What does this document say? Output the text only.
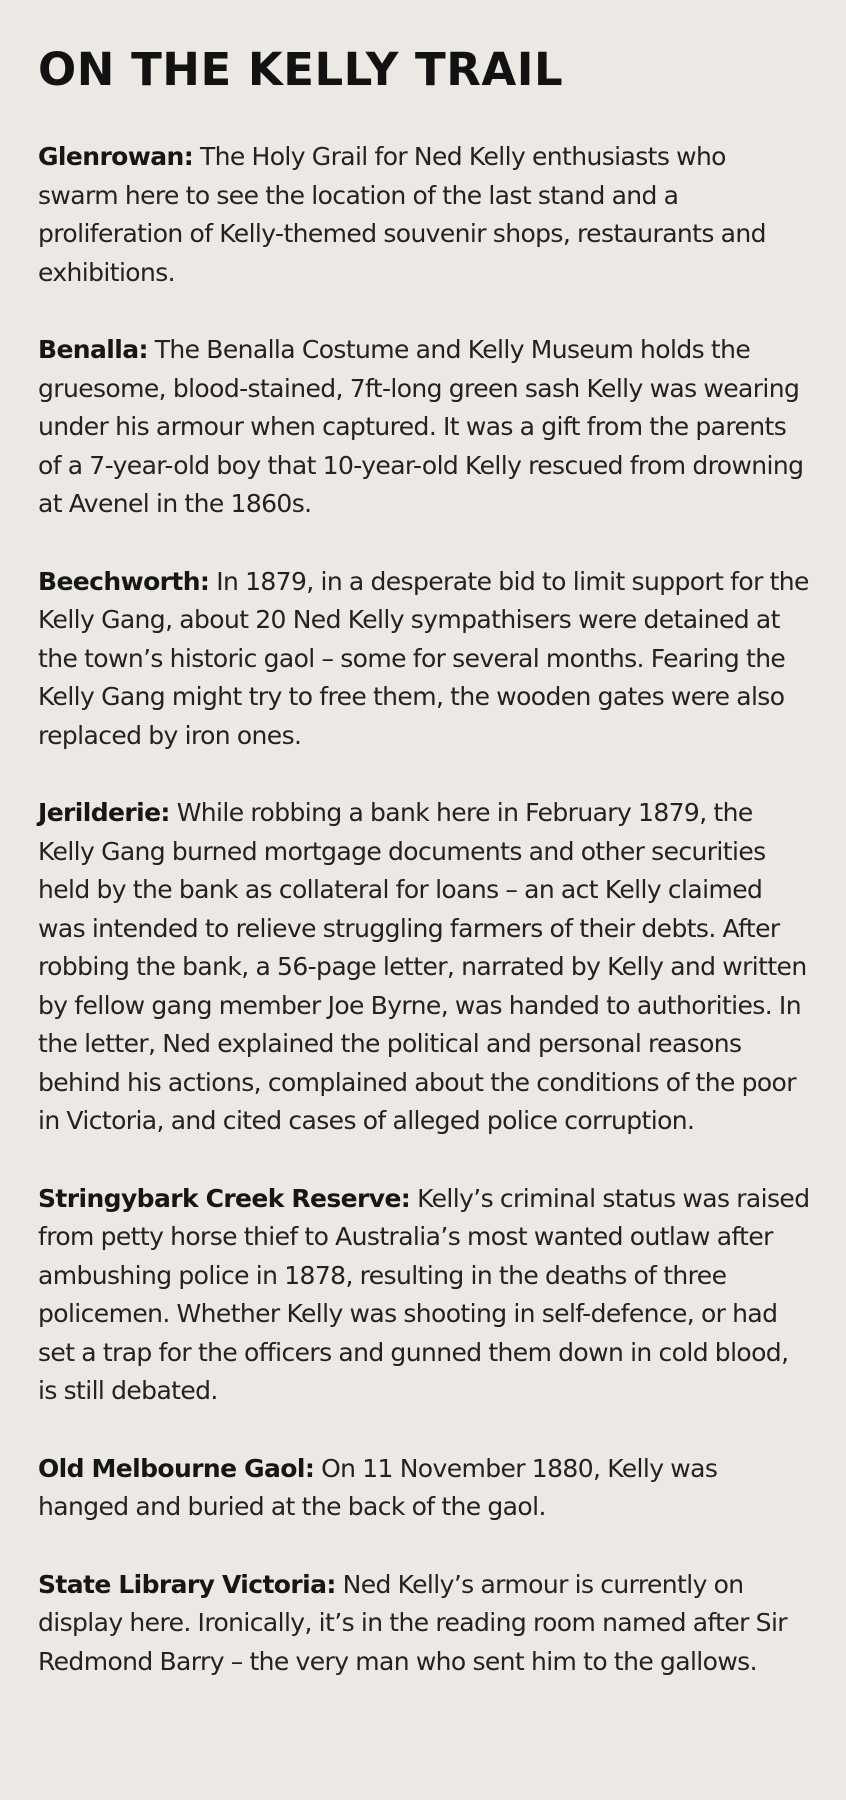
ON THE KELLY TRAIL

Glenrowan: The Holy Grail for Ned Kelly enthusiasts who swarm here to see the location of the last stand and a proliferation of Kelly-themed souvenir shops, restaurants and exhibitions.

Benalla: The Benalla Costume and Kelly Museum holds the gruesome, blood-stained, 7ft-long green sash Kelly was wearing under his armour when captured. It was a gift from the parents of a 7-year-old boy that 10-year-old Kelly rescued from drowning at Avenel in the 1860s.

Beechworth: In 1879, in a desperate bid to limit support for the Kelly Gang, about 20 Ned Kelly sympathisers were detained at the town’s historic gaol – some for several months. Fearing the Kelly Gang might try to free them, the wooden gates were also replaced by iron ones.

Jerilderie: While robbing a bank here in February 1879, the Kelly Gang burned mortgage documents and other securities held by the bank as collateral for loans – an act Kelly claimed was intended to relieve struggling farmers of their debts. After robbing the bank, a 56-page letter, narrated by Kelly and written by fellow gang member Joe Byrne, was handed to authorities. In the letter, Ned explained the political and personal reasons behind his actions, complained about the conditions of the poor in Victoria, and cited cases of alleged police corruption.

Stringybark Creek Reserve: Kelly’s criminal status was raised from petty horse thief to Australia’s most wanted outlaw after ambushing police in 1878, resulting in the deaths of three policemen. Whether Kelly was shooting in self-defence, or had set a trap for the officers and gunned them down in cold blood, is still debated.

Old Melbourne Gaol: On 11 November 1880, Kelly was hanged and buried at the back of the gaol.

State Library Victoria: Ned Kelly’s armour is currently on display here. Ironically, it’s in the reading room named after Sir Redmond Barry – the very man who sent him to the gallows.
